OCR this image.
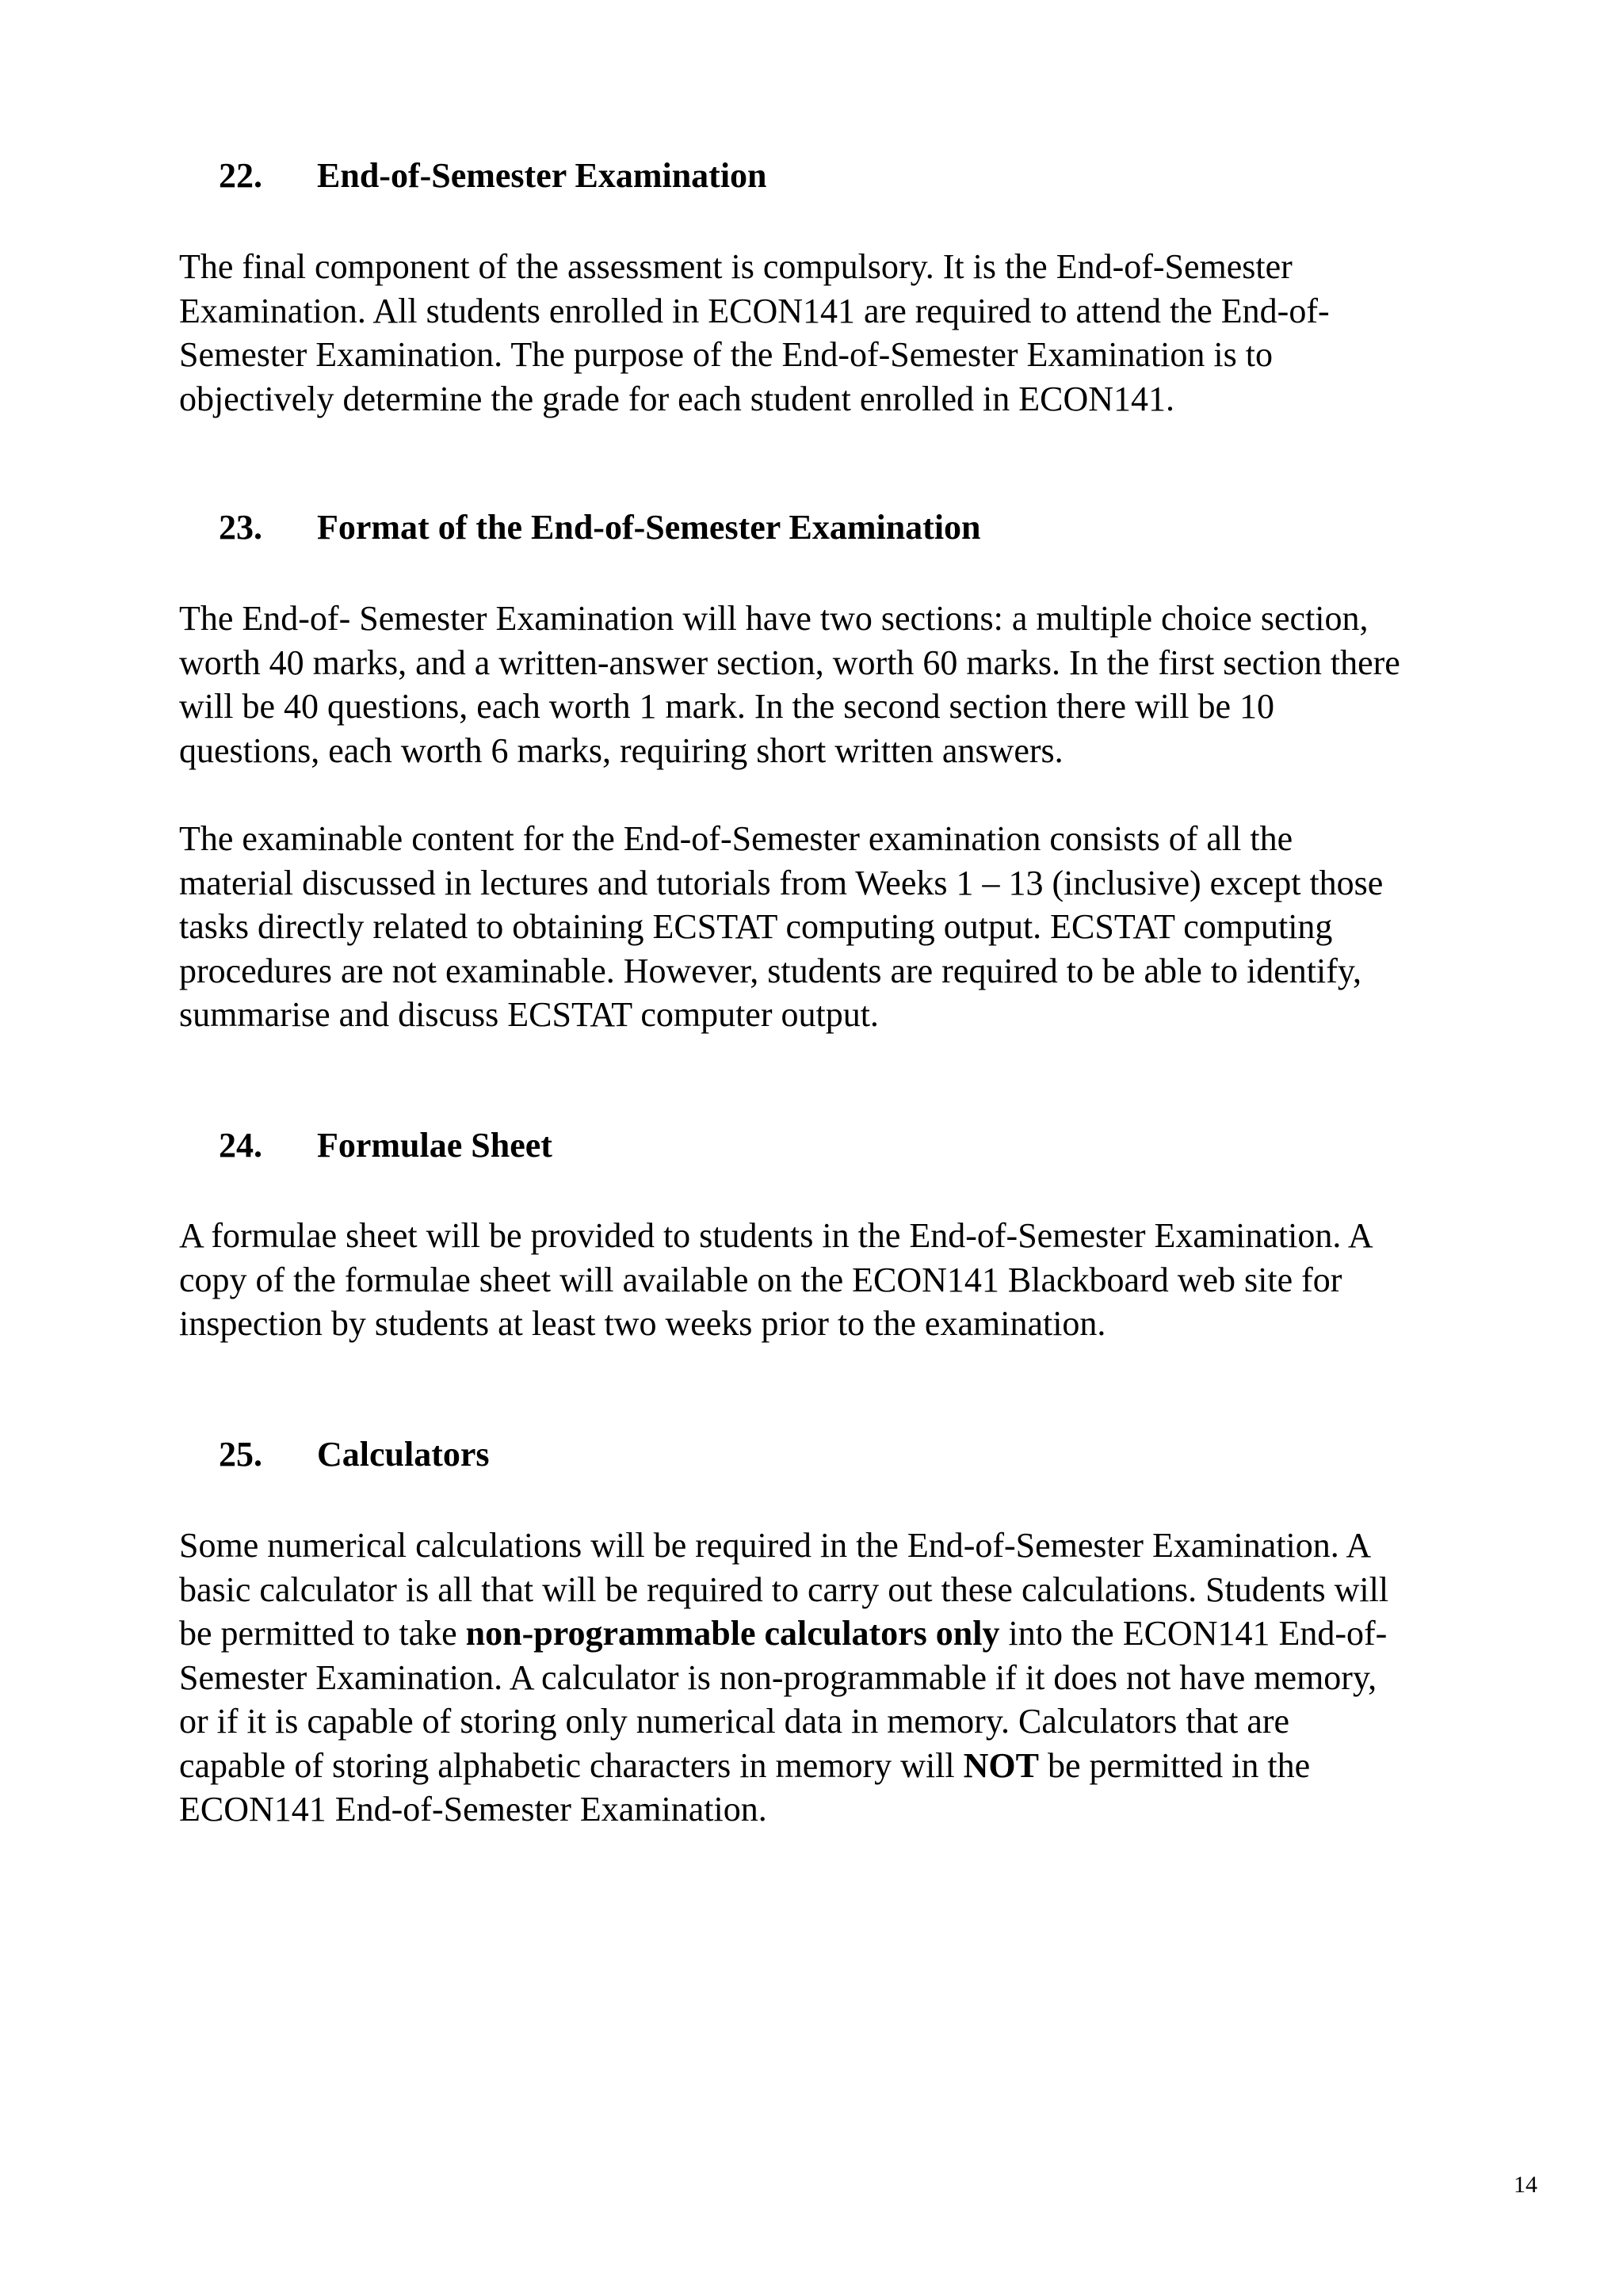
22. End-of-Semester Examination
The final component of the assessment is compulsory. It is the End-of-Semester
Examination. All students enrolled in ECON141 are required to attend the End-of-
Semester Examination. The purpose of the End-of-Semester Examination is to
objectively determine the grade for each student enrolled in ECON141.
23. Format of the End-of-Semester Examination
The End-of- Semester Examination will have two sections: a multiple choice section,
worth 40 marks, and a written-answer section, worth 60 marks. In the first section there
will be 40 questions, each worth 1 mark. In the second section there will be 10
questions, each worth 6 marks, requiring short written answers.
The examinable content for the End-of-Semester examination consists of all the
material discussed in lectures and tutorials from Weeks 1 – 13 (inclusive) except those
tasks directly related to obtaining ECSTAT computing output. ECSTAT computing
procedures are not examinable. However, students are required to be able to identify,
summarise and discuss ECSTAT computer output.
24. Formulae Sheet
A formulae sheet will be provided to students in the End-of-Semester Examination. A
copy of the formulae sheet will available on the ECON141 Blackboard web site for
inspection by students at least two weeks prior to the examination.
25. Calculators
Some numerical calculations will be required in the End-of-Semester Examination. A
basic calculator is all that will be required to carry out these calculations. Students will
be permitted to take non-programmable calculators only into the ECON141 End-of-
Semester Examination. A calculator is non-programmable if it does not have memory,
or if it is capable of storing only numerical data in memory. Calculators that are
capable of storing alphabetic characters in memory will NOT be permitted in the
ECON141 End-of-Semester Examination.
14
